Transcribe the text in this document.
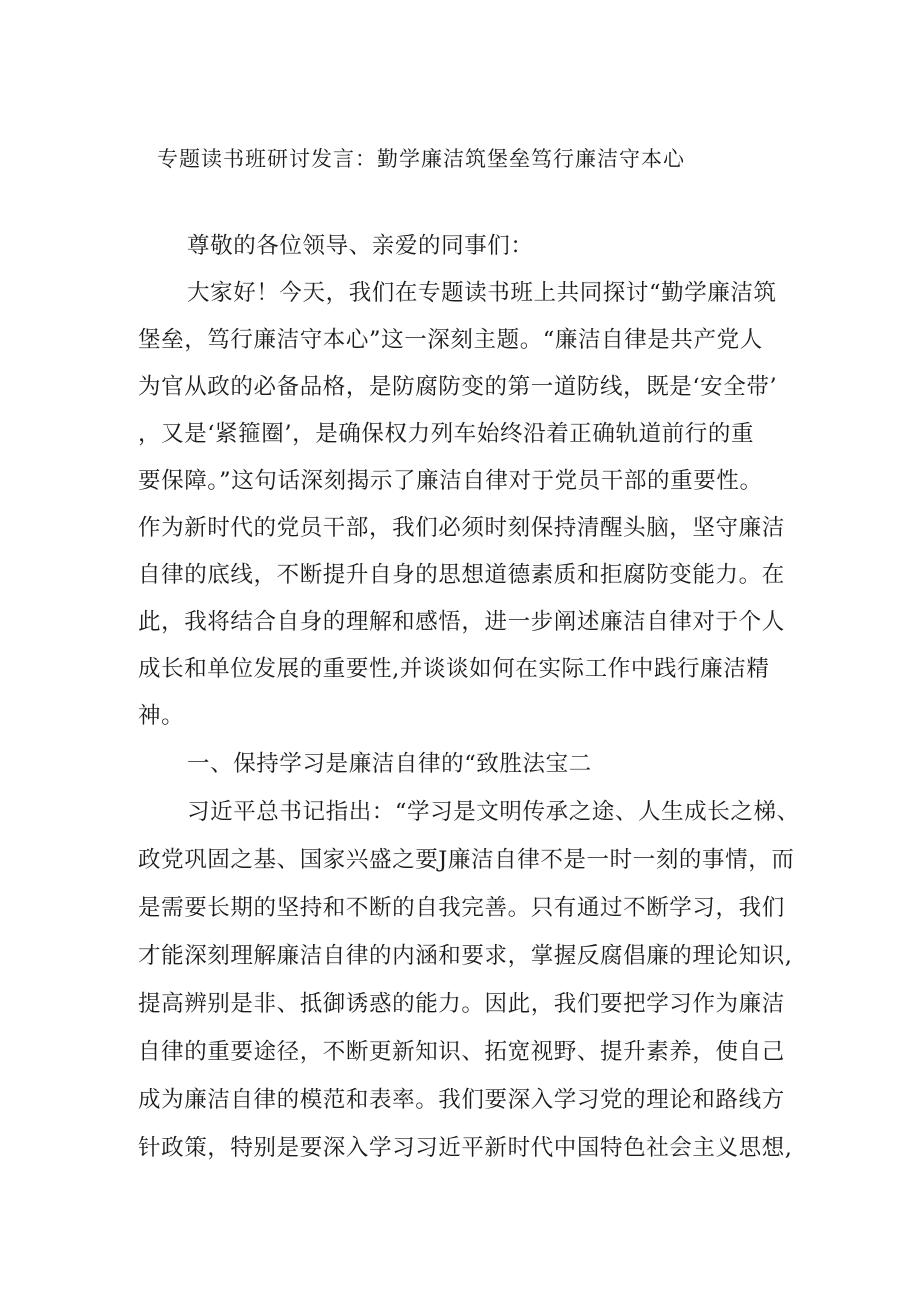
专题读书班研讨发言：勤学廉洁筑堡垒笃行廉洁守本心
尊敬的各位领导、亲爱的同事们：
大家好！今天，我们在专题读书班上共同探讨“勤学廉洁筑
堡垒，笃行廉洁守本心”这一深刻主题。“廉洁自律是共产党人
为官从政的必备品格，是防腐防变的第一道防线，既是‘安全带’
，又是‘紧箍圈’，是确保权力列车始终沿着正确轨道前行的重
要保障。”这句话深刻揭示了廉洁自律对于党员干部的重要性。
作为新时代的党员干部，我们必须时刻保持清醒头脑，坚守廉洁
自律的底线，不断提升自身的思想道德素质和拒腐防变能力。在
此，我将结合自身的理解和感悟，进一步阐述廉洁自律对于个人
成长和单位发展的重要性,并谈谈如何在实际工作中践行廉洁精
神。
一、保持学习是廉洁自律的“致胜法宝二
习近平总书记指出：“学习是文明传承之途、人生成长之梯、
政党巩固之基、国家兴盛之要J廉洁自律不是一时一刻的事情，而
是需要长期的坚持和不断的自我完善。只有通过不断学习，我们
才能深刻理解廉洁自律的内涵和要求，掌握反腐倡廉的理论知识,
提高辨别是非、抵御诱惑的能力。因此，我们要把学习作为廉洁
自律的重要途径，不断更新知识、拓宽视野、提升素养，使自己
成为廉洁自律的模范和表率。我们要深入学习党的理论和路线方
针政策，特别是要深入学习习近平新时代中国特色社会主义思想,
